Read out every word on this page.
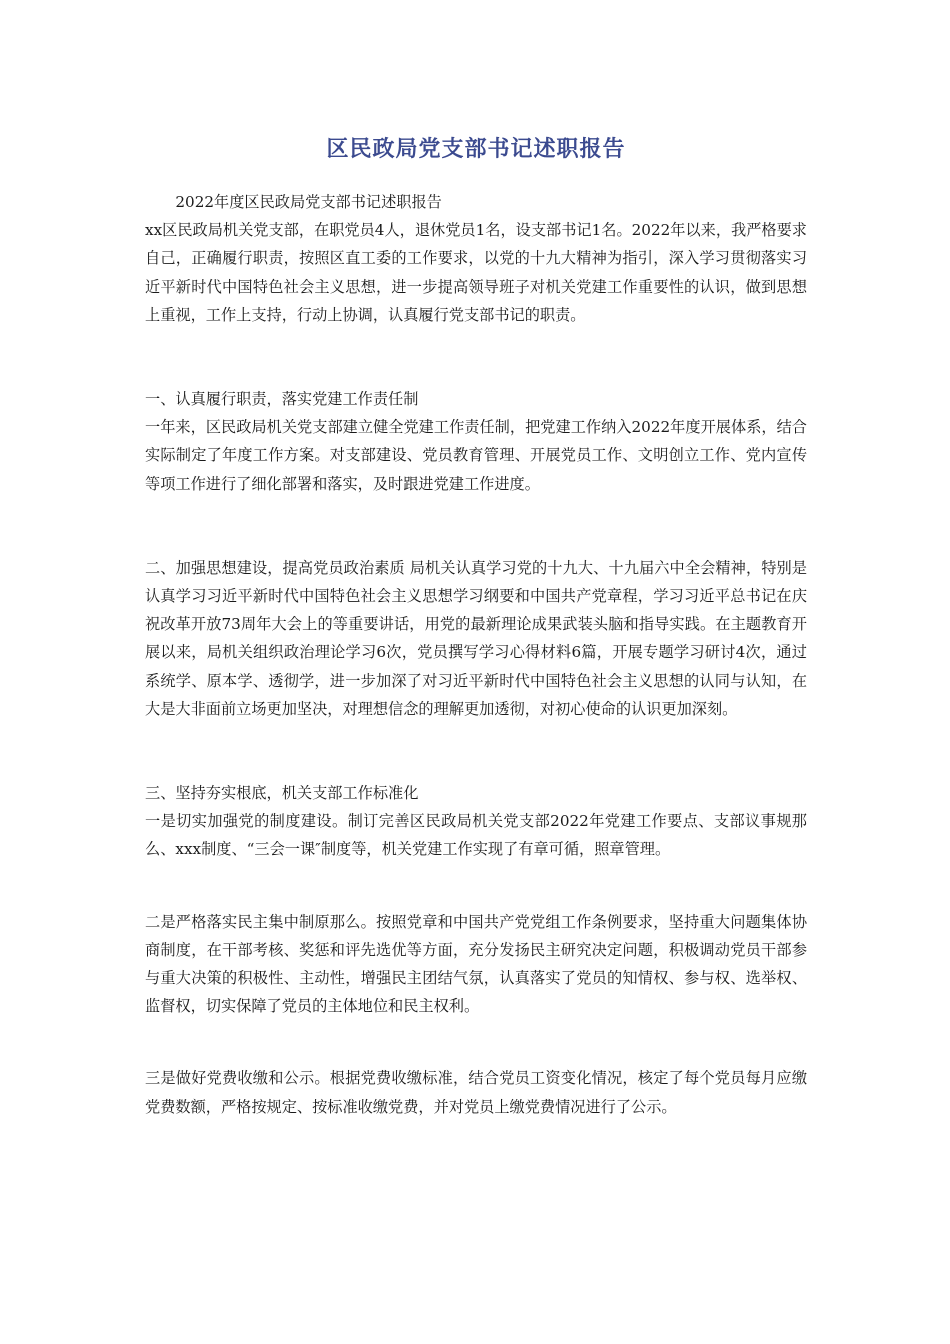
区民政局党支部书记述职报告

2022年度区民政局党支部书记述职报告

xx区民政局机关党支部，在职党员4人，退休党员1名，设支部书记1名。2022年以来，我严格要求自己，正确履行职责，按照区直工委的工作要求，以党的十九大精神为指引，深入学习贯彻落实习近平新时代中国特色社会主义思想，进一步提高领导班子对机关党建工作重要性的认识，做到思想上重视，工作上支持，行动上协调，认真履行党支部书记的职责。

一、认真履行职责，落实党建工作责任制

一年来，区民政局机关党支部建立健全党建工作责任制，把党建工作纳入2022年度开展体系，结合实际制定了年度工作方案。对支部建设、党员教育管理、开展党员工作、文明创立工作、党内宣传等项工作进行了细化部署和落实，及时跟进党建工作进度。

二、加强思想建设，提高党员政治素质 局机关认真学习党的十九大、十九届六中全会精神，特别是认真学习习近平新时代中国特色社会主义思想学习纲要和中国共产党章程，学习习近平总书记在庆祝改革开放73周年大会上的等重要讲话，用党的最新理论成果武装头脑和指导实践。在主题教育开展以来，局机关组织政治理论学习6次，党员撰写学习心得材料6篇，开展专题学习研讨4次，通过系统学、原本学、透彻学，进一步加深了对习近平新时代中国特色社会主义思想的认同与认知，在大是大非面前立场更加坚决，对理想信念的理解更加透彻，对初心使命的认识更加深刻。

三、坚持夯实根底，机关支部工作标准化

一是切实加强党的制度建设。制订完善区民政局机关党支部2022年党建工作要点、支部议事规那么、xxx制度、“三会一课″制度等，机关党建工作实现了有章可循，照章管理。

二是严格落实民主集中制原那么。按照党章和中国共产党党组工作条例要求，坚持重大问题集体协商制度，在干部考核、奖惩和评先选优等方面，充分发扬民主研究决定问题，积极调动党员干部参与重大决策的积极性、主动性，增强民主团结气氛，认真落实了党员的知情权、参与权、选举权、监督权，切实保障了党员的主体地位和民主权利。

三是做好党费收缴和公示。根据党费收缴标准，结合党员工资变化情况，核定了每个党员每月应缴党费数额，严格按规定、按标准收缴党费，并对党员上缴党费情况进行了公示。
